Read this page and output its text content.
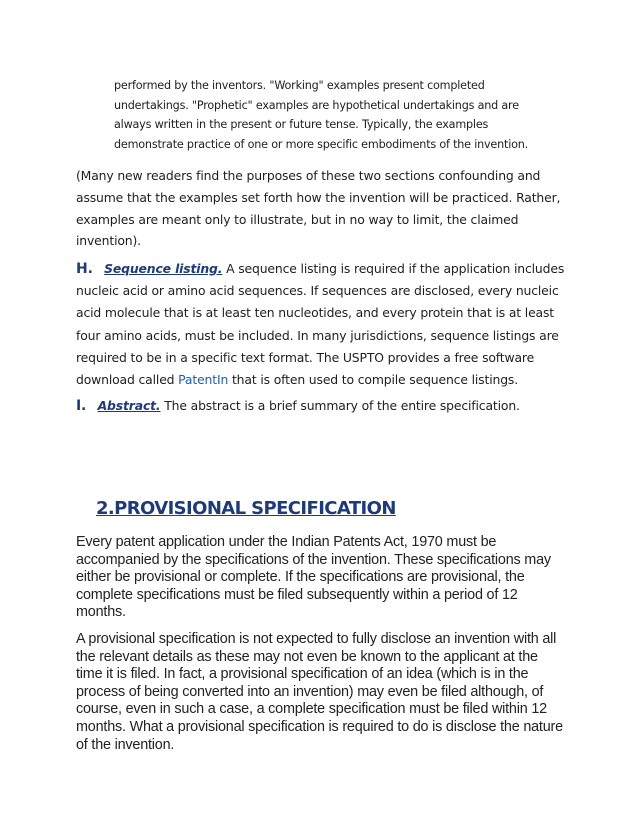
performed by the inventors. "Working" examples present completed

undertakings. "Prophetic" examples are hypothetical undertakings and are

always written in the present or future tense. Typically, the examples

demonstrate practice of one or more specific embodiments of the invention.

(Many new readers find the purposes of these two sections confounding and assume that the examples set forth how the invention will be practiced. Rather, examples are meant only to illustrate, but in no way to limit, the claimed invention).
H. Sequence listing. A sequence listing is required if the application includes nucleic acid or amino acid sequences. If sequences are disclosed, every nucleic acid molecule that is at least ten nucleotides, and every protein that is at least four amino acids, must be included. In many jurisdictions, sequence listings are required to be in a specific text format. The USPTO provides a free software download called PatentIn that is often used to compile sequence listings.
I. Abstract. The abstract is a brief summary of the entire specification.
2.PROVISIONAL SPECIFICATION
Every patent application under the Indian Patents Act, 1970 must be accompanied by the specifications of the invention. These specifications may either be provisional or complete. If the specifications are provisional, the complete specifications must be filed subsequently within a period of 12 months.
A provisional specification is not expected to fully disclose an invention with all the relevant details as these may not even be known to the applicant at the time it is filed. In fact, a provisional specification of an idea (which is in the process of being converted into an invention) may even be filed although, of course, even in such a case, a complete specification must be filed within 12 months. What a provisional specification is required to do is disclose the nature of the invention.
